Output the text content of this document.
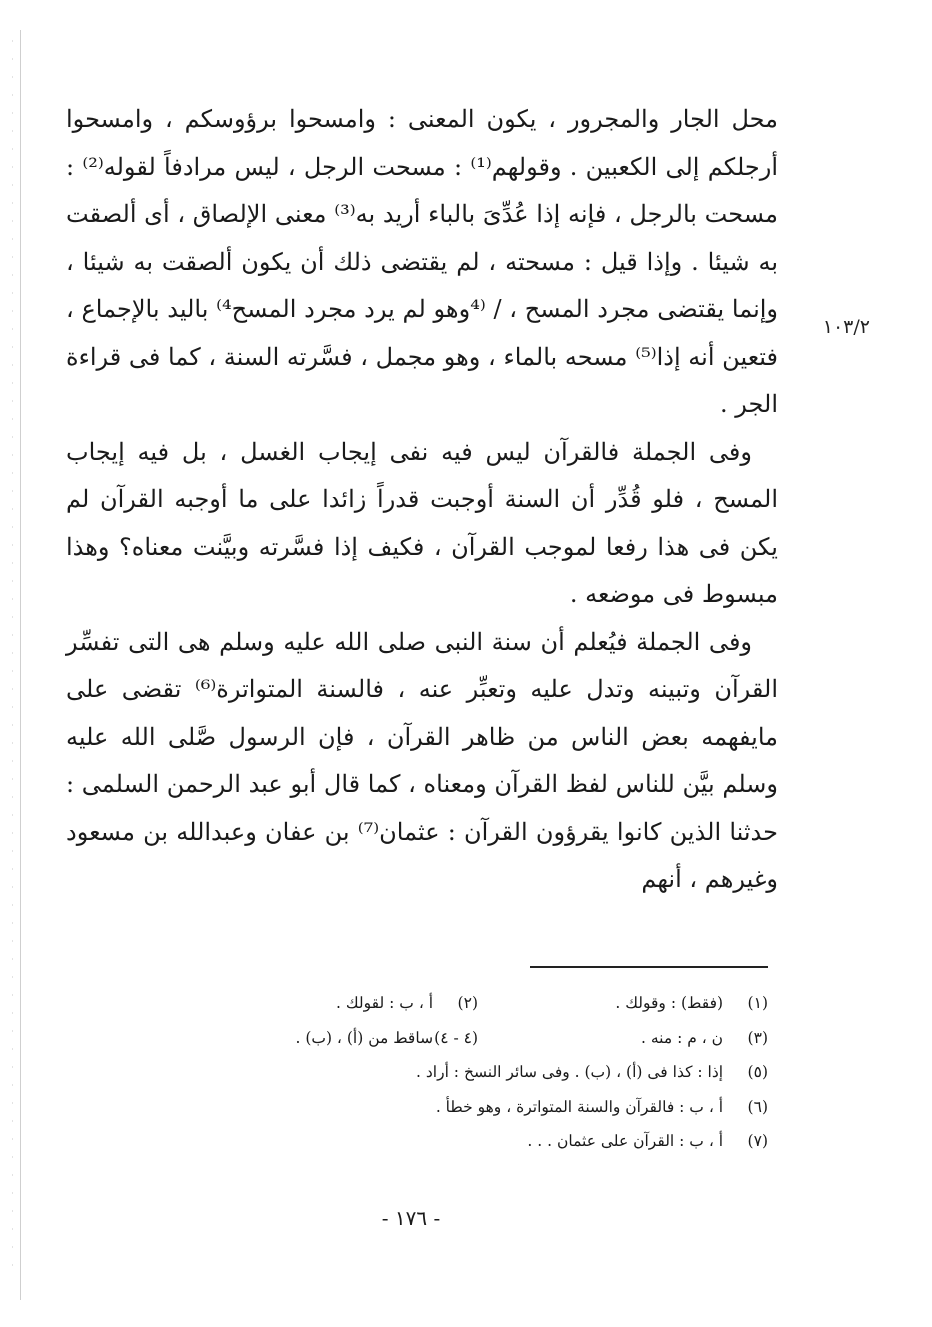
١٠٣/٢

محل الجار والمجرور ، يكون المعنى : وامسحوا برؤوسكم ، وامسحوا أرجلكم إلى الكعبين . وقولهم⁽¹⁾ : مسحت الرجل ، ليس مرادفاً لقوله⁽²⁾ : مسحت بالرجل ، فإنه إذا عُدِّىَ بالباء أريد به⁽³⁾ معنى الإلصاق ، أى ألصقت به شيئا . وإذا قيل : مسحته ، لم يقتضى ذلك أن يكون ألصقت به شيئا ، وإنما يقتضى مجرد المسح ، / ⁽⁴وهو لم يرد مجرد المسح⁴⁾ باليد بالإجماع ، فتعين أنه إذا⁽⁵⁾ مسحه بالماء ، وهو مجمل ، فسَّرته السنة ، كما فى قراءة الجر .

وفى الجملة فالقرآن ليس فيه نفى إيجاب الغسل ، بل فيه إيجاب المسح ، فلو قُدِّر أن السنة أوجبت قدراً زائدا على ما أوجبه القرآن لم يكن فى هذا رفعا لموجب القرآن ، فكيف إذا فسَّرته وبيَّنت معناه؟ وهذا مبسوط فى موضعه .

وفى الجملة فيُعلم أن سنة النبى صلى الله عليه وسلم هى التى تفسِّر القرآن وتبينه وتدل عليه وتعبِّر عنه ، فالسنة المتواترة⁽⁶⁾ تقضى على مايفهمه بعض الناس من ظاهر القرآن ، فإن الرسول صَّلى الله عليه وسلم بيَّن للناس لفظ القرآن ومعناه ، كما قال أبو عبد الرحمن السلمى : حدثنا الذين كانوا يقرؤون القرآن : عثمان⁽⁷⁾ بن عفان وعبدالله بن مسعود وغيرهم ، أنهم

(١) (فقط) : وقولك .
(٢) أ ، ب : لقولك .
(٣) ن ، م : منه .
(٤ - ٤) ساقط من (أ) ، (ب) .
(٥) إذا : كذا فى (أ) ، (ب) . وفى سائر النسخ : أراد .
(٦) أ ، ب : فالقرآن والسنة المتواترة ، وهو خطأ .
(٧) أ ، ب : القرآن على عثمان . . .
- ١٧٦ -
